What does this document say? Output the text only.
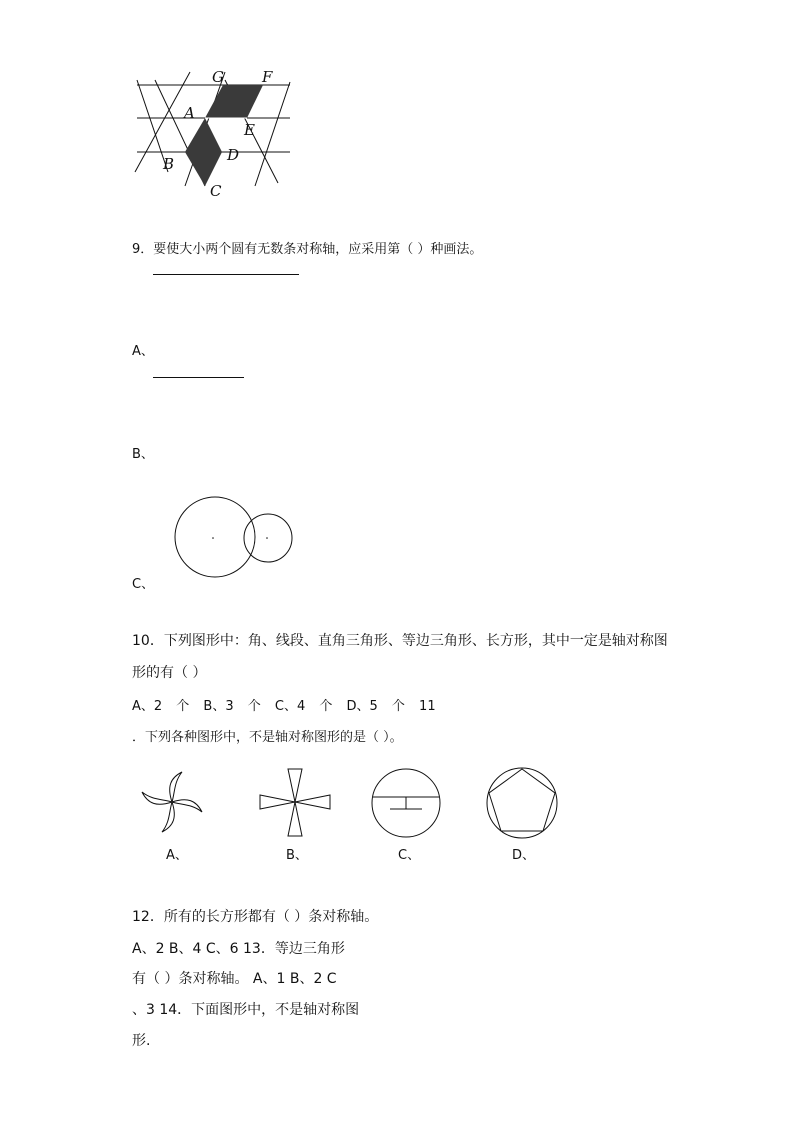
G	F
A
E
B	D
C
9．要使大小两个圆有无数条对称轴，应采用第（ ）种画法。
A、
B、
C、
10．下列图形中：角、线段、直角三角形、等边三角形、长方形，其中一定是轴对称图
形的有（ ）
A、2 个 B、3 个 C、4 个 D、5 个 11
．下列各种图形中，不是轴对称图形的是（ ）。
A、	B、	C、	D、
12．所有的长方形都有（ ）条对称轴。
A、2 B、4 C、6 13．等边三角形
有（ ）条对称轴。 A、1 B、2 C
、3 14．下面图形中，不是轴对称图
形.
